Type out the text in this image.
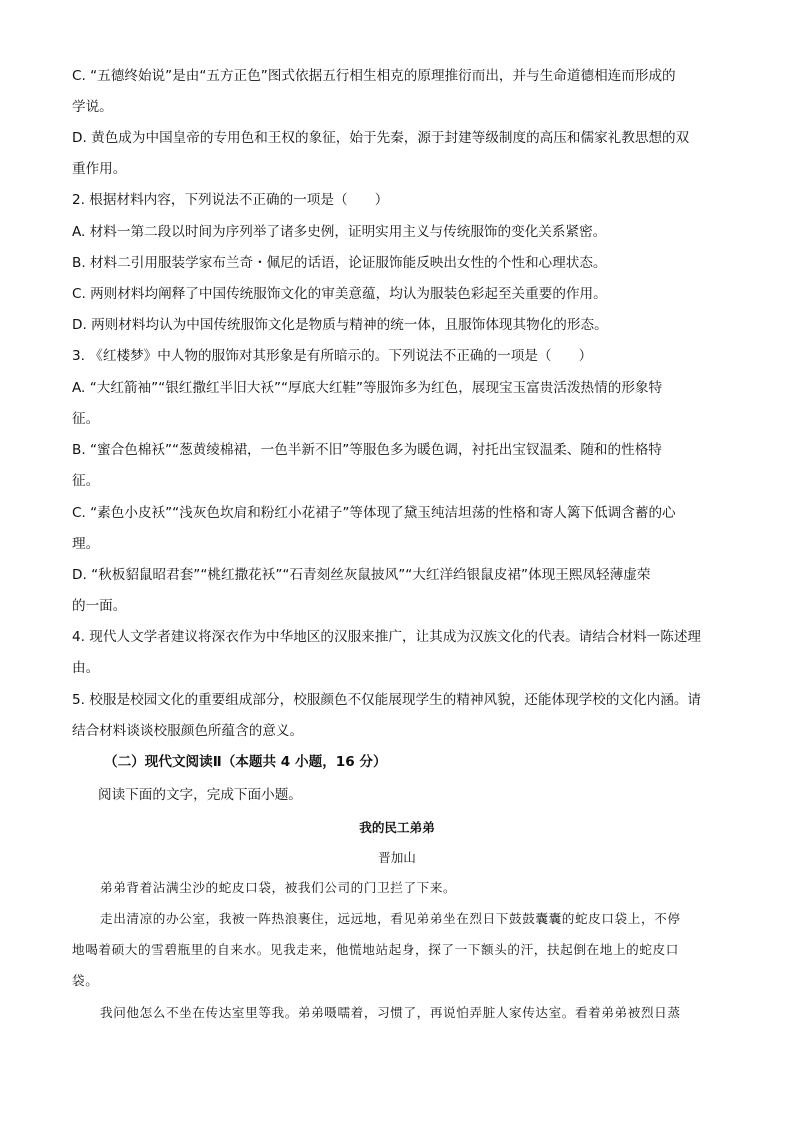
C. “五德终始说”是由“五方正色”图式依据五行相生相克的原理推衍而出，并与生命道德相连而形成的
学说。
D. 黄色成为中国皇帝的专用色和王权的象征，始于先秦，源于封建等级制度的高压和儒家礼教思想的双
重作用。
2. 根据材料内容，下列说法不正确的一项是（　　）
A. 材料一第二段以时间为序列举了诸多史例，证明实用主义与传统服饰的变化关系紧密。
B. 材料二引用服装学家布兰奇・佩尼的话语，论证服饰能反映出女性的个性和心理状态。
C. 两则材料均阐释了中国传统服饰文化的审美意蕴，均认为服装色彩起至关重要的作用。
D. 两则材料均认为中国传统服饰文化是物质与精神的统一体，且服饰体现其物化的形态。
3. 《红楼梦》中人物的服饰对其形象是有所暗示的。下列说法不正确的一项是（　　）
A. “大红箭袖”“银红撒红半旧大袄”“厚底大红鞋”等服饰多为红色，展现宝玉富贵活泼热情的形象特
征。
B. “蜜合色棉袄”“葱黄绫棉裙，一色半新不旧”等服色多为暖色调，衬托出宝钗温柔、随和的性格特
征。
C. “素色小皮袄”“浅灰色坎肩和粉红小花裙子”等体现了黛玉纯洁坦荡的性格和寄人篱下低调含蓄的心
理。
D. “秋板貂鼠昭君套”“桃红撒花袄”“石青刻丝灰鼠披风”“大红洋绉银鼠皮裙”体现王熙凤轻薄虚荣
的一面。
4. 现代人文学者建议将深衣作为中华地区的汉服来推广，让其成为汉族文化的代表。请结合材料一陈述理
由。
5. 校服是校园文化的重要组成部分，校服颜色不仅能展现学生的精神风貌，还能体现学校的文化内涵。请
结合材料谈谈校服颜色所蕴含的意义。
（二）现代文阅读Ⅱ（本题共 4 小题，16 分）
阅读下面的文字，完成下面小题。
我的民工弟弟
晋加山
弟弟背着沾满尘沙的蛇皮口袋，被我们公司的门卫拦了下来。
走出清凉的办公室，我被一阵热浪裹住，远远地，看见弟弟坐在烈日下鼓鼓囊囊的蛇皮口袋上，不停
地喝着硕大的雪碧瓶里的自来水。见我走来，他慌地站起身，探了一下额头的汗，扶起倒在地上的蛇皮口
袋。
我问他怎么不坐在传达室里等我。弟弟嗫嚅着，习惯了，再说怕弄脏人家传达室。看着弟弟被烈日蒸
